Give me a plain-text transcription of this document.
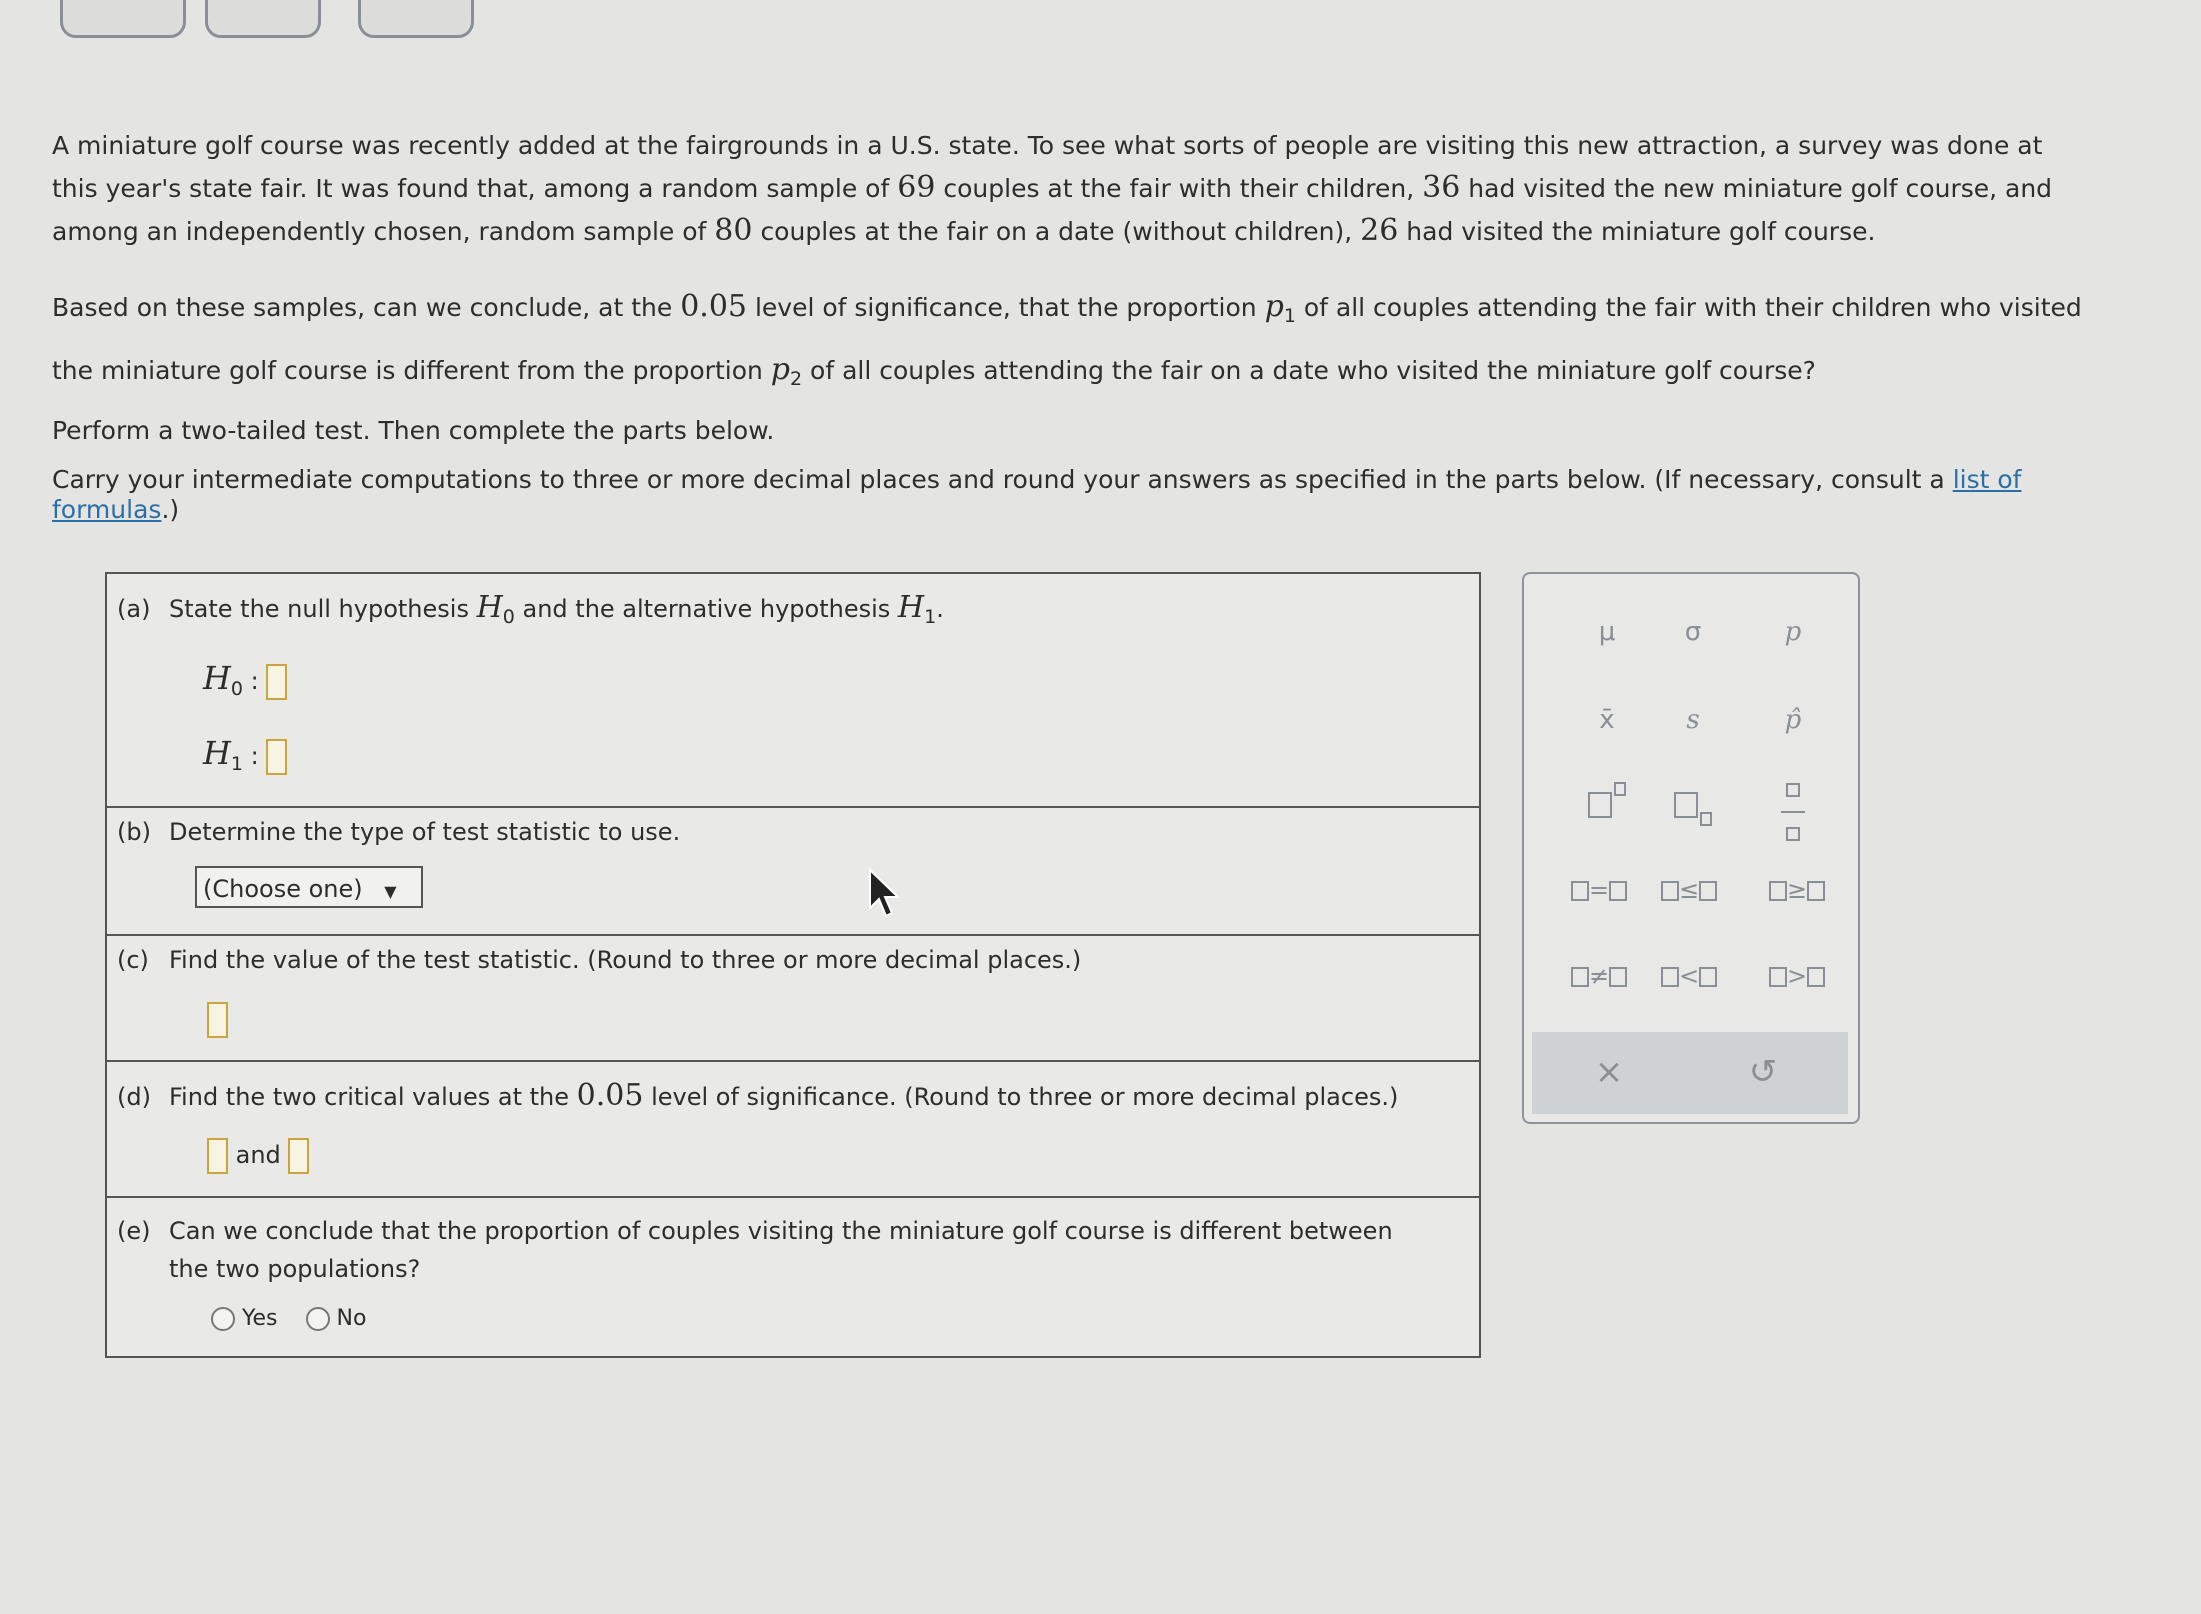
A miniature golf course was recently added at the fairgrounds in a U.S. state. To see what sorts of people are visiting this new attraction, a survey was done at
this year's state fair. It was found that, among a random sample of 69 couples at the fair with their children, 36 had visited the new miniature golf course, and
among an independently chosen, random sample of 80 couples at the fair on a date (without children), 26 had visited the miniature golf course.
Based on these samples, can we conclude, at the 0.05 level of significance, that the proportion $p_1$ of all couples attending the fair with their children who visited
the miniature golf course is different from the proportion $p_2$ of all couples attending the fair on a date who visited the miniature golf course?
Perform a two-tailed test. Then complete the parts below.
Carry your intermediate computations to three or more decimal places and round your answers as specified in the parts below. (If necessary, consult a list of
formulas.)
(a) State the null hypothesis $H_0$ and the alternative hypothesis $H_1$.
$H_0$ :
$H_1$ :
(b) Determine the type of test statistic to use.
(Choose one) ▼
(c) Find the value of the test statistic. (Round to three or more decimal places.)
(d) Find the two critical values at the 0.05 level of significance. (Round to three or more decimal places.)
and
(e) Can we conclude that the proportion of couples visiting the miniature golf course is different between
the two populations?
Yes	No
μ	σ	p
x̄	s	p̂

=	≤	≥
≠	<	>
×	↺
